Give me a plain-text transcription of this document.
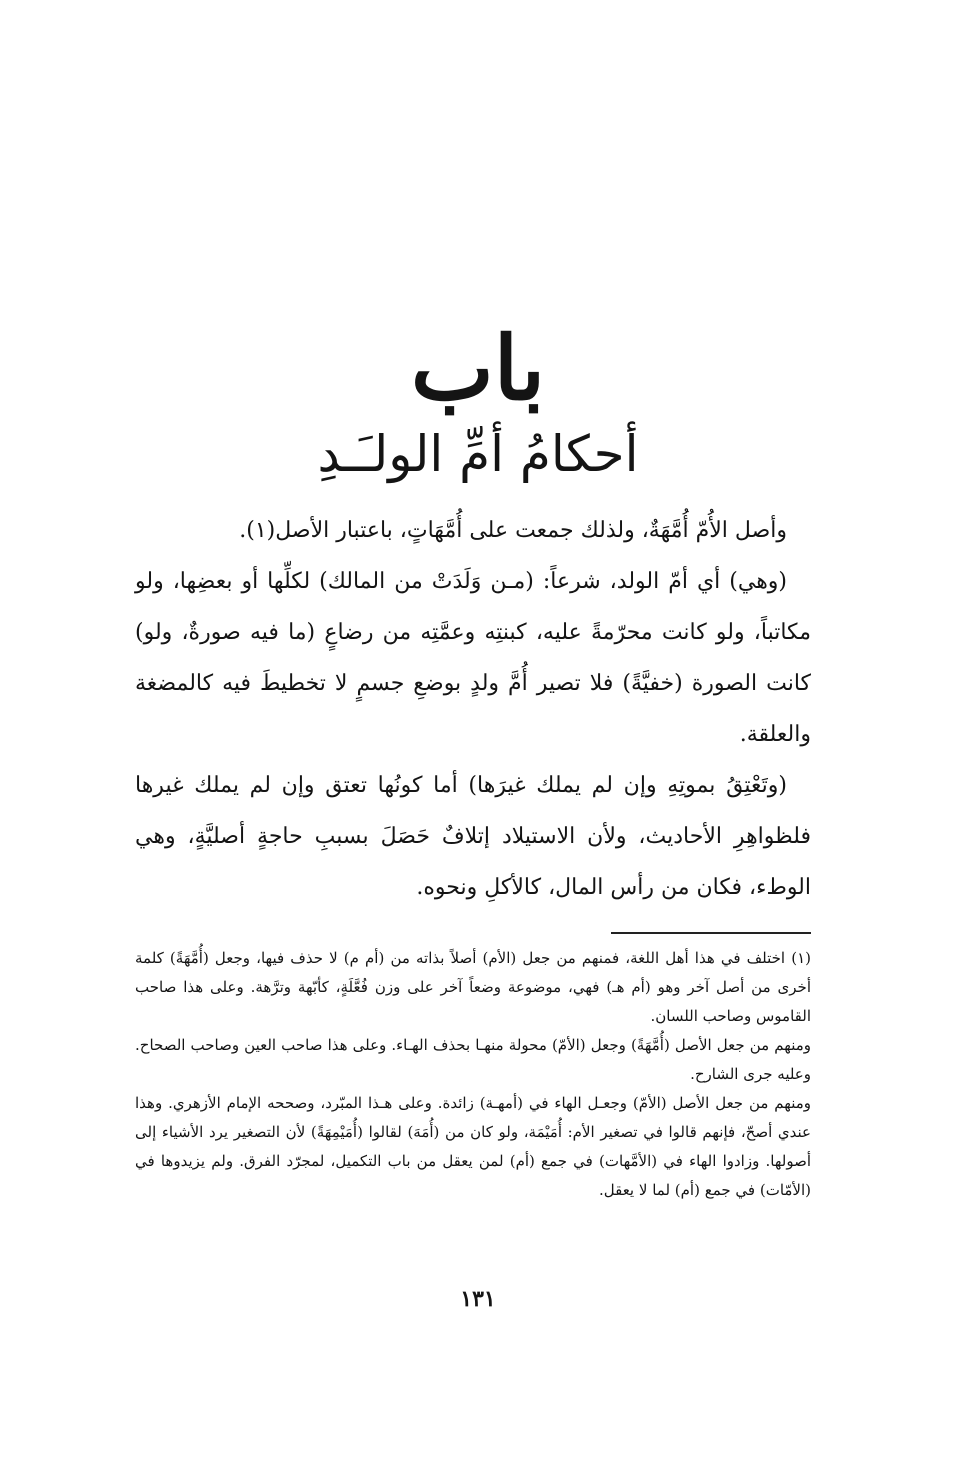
باب
أحكامُ أمِّ الولـَـدِ

وأصل الأُمّ أُمَّهَةٌ، ولذلك جمعت على أُمَّهَاتٍ، باعتبار الأصل(١).

(وهي) أي أمّ الولد، شرعاً: (مـن وَلَدَتْ من المالك) لكلِّها أو بعضِها، ولو مكاتباً، ولو كانت محرّمةً عليه، كبنتِه وعمَّتِه من رضاعٍ (ما فيه صورةٌ، ولو) كانت الصورة (خفيَّةً) فلا تصير أُمَّ ولدٍ بوضعِ جسمٍ لا تخطيطَ فيه كالمضغة والعلقة.

(وتَعْتِقُ بموتِهِ وإن لم يملك غيرَها) أما كونُها تعتق وإن لم يملك غيرها فلظواهِرِ الأحاديث، ولأن الاستيلاد إتلافٌ حَصَلَ بسببِ حاجةٍ أصليَّةٍ، وهي الوطء، فكان من رأس المال، كالأكلِ ونحوه.

(١) اختلف في هذا أهل اللغة، فمنهم من جعل (الأم) أصلاً بذاته من (أم م) لا حذف فيها، وجعل (أُمَّهَةً) كلمة أخرى من أصل آخر وهو (أم هـ) فهي، موضوعة وضعاً آخر على وزن فُعَّلَةٍ، كأبّهة وترَّهة. وعلى هذا صاحب القاموس وصاحب اللسان.

ومنهم من جعل الأصل (أُمَّهَةً) وجعل (الأمّ) محولة منهـا بحذف الهـاء. وعلى هذا صاحب العين وصاحب الصحاح. وعليه جرى الشارح.

ومنهم من جعل الأصل (الأمّ) وجعـل الهاء في (أمهـة) زائدة. وعلى هـذا المبّرد، وصححه الإمام الأزهري. وهذا عندي أصحّ، فإنهم قالوا في تصغير الأم: أُمَيْمَة، ولو كان من (أُمَهَ) لقالوا (أُمَيْمِهَةً) لأن التصغير يرد الأشياء إلى أصولها. وزادوا الهاء في (الأمَّهات) في جمع (أم) لمن يعقل من باب التكميل، لمجرّد الفرق. ولم يزيدوها في (الأمّات) في جمع (أم) لما لا يعقل.

١٣١
